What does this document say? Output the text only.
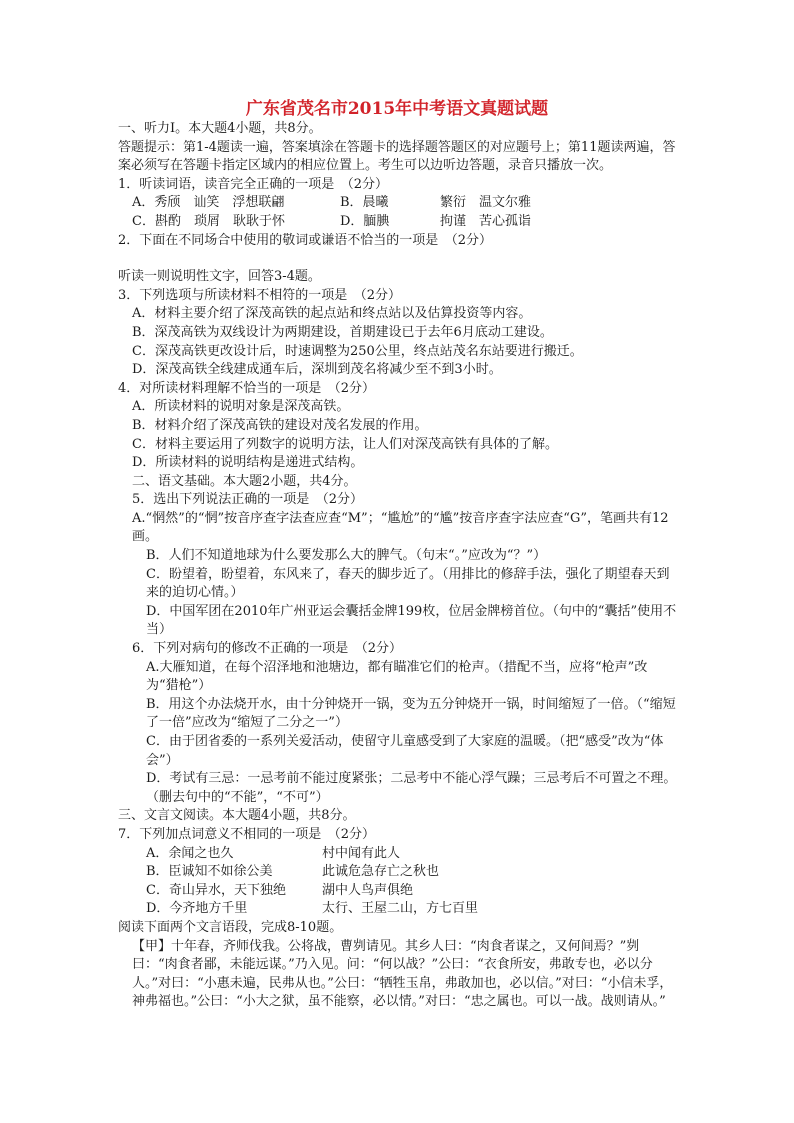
广东省茂名市2015年中考语文真题试题

一、听力Ⅰ。本大题4小题，共8分。

答题提示：第1-4题读一遍，答案填涂在答题卡的选择题答题区的对应题号上；第11题读两遍，答案必须写在答题卡指定区域内的相应位置上。考生可以边听边答题，录音只播放一次。

1．听读词语，读音完全正确的一项是　（2分）

A．秀颀　讪笑　 浮想联翩	B．晨曦	繁衍　温文尔雅
C．斟酌　琐屑　 耿耿于怀	D．腼腆	拘谨　苦心孤诣

2．下面在不同场合中使用的敬词或谦语不恰当的一项是　（2分）

听读一则说明性文字，回答3-4题。

3．下列选项与所读材料不相符的一项是　（2分）

A．材料主要介绍了深茂高铁的起点站和终点站以及估算投资等内容。

B．深茂高铁为双线设计为两期建设，首期建设已于去年6月底动工建设。

C．深茂高铁更改设计后，时速调整为250公里，终点站茂名东站要进行搬迁。

D．深茂高铁全线建成通车后，深圳到茂名将减少至不到3小时。

4．对所读材料理解不恰当的一项是　（2分）

A．所读材料的说明对象是深茂高铁。

B．材料介绍了深茂高铁的建设对茂名发展的作用。

C．材料主要运用了列数字的说明方法，让人们对深茂高铁有具体的了解。

D．所读材料的说明结构是递进式结构。

二、语文基础。本大题2小题，共4分。

5．选出下列说法正确的一项是　（2分）

A.“惘然”的“惘”按音序查字法查应查“M”；“尴尬”的“尴”按音序查字法应查“G”，笔画共有12画。

B．人们不知道地球为什么要发那么大的脾气。（句末“。”应改为“？”）

C．盼望着，盼望着，东风来了，春天的脚步近了。（用排比的修辞手法，强化了期望春天到来的迫切心情。）

D．中国军团在2010年广州亚运会囊括金牌199枚，位居金牌榜首位。（句中的“囊括”使用不当）

6．下列对病句的修改不正确的一项是　（2分）

A.大雁知道，在每个沼泽地和池塘边，都有瞄准它们的枪声。（措配不当，应将“枪声”改为“猎枪”）

B．用这个办法烧开水，由十分钟烧开一锅，变为五分钟烧开一锅，时间缩短了一倍。（“缩短了一倍”应改为“缩短了二分之一”）

C．由于团省委的一系列关爱活动，使留守儿童感受到了大家庭的温暖。（把“感受”改为“体会”）

D．考试有三忌：一忌考前不能过度紧张；二忌考中不能心浮气躁；三忌考后不可置之不理。（删去句中的“不能”，“不可”）

三、文言文阅读。本大题4小题，共8分。

7．下列加点词意义不相同的一项是　（2分）

A．余闻之也久	村中闻有此人
B．臣诚知不如徐公美	此诚危急存亡之秋也
C．奇山异水，天下独绝	湖中人鸟声俱绝
D．今齐地方千里	太行、王屋二山，方七百里

阅读下面两个文言语段，完成8-10题。

【甲】十年春，齐师伐我。公将战，曹刿请见。其乡人曰：“肉食者谋之，又何间焉？”刿曰：“肉食者鄙，未能远谋。”乃入见。问：“何以战？”公曰：“衣食所安，弗敢专也，必以分人。”对曰：“小惠未遍，民弗从也。”公曰：“牺牲玉帛，弗敢加也，必以信。”对曰：“小信未孚，神弗福也。”公曰：“小大之狱，虽不能察，必以情。”对曰：“忠之属也。可以一战。战则请从。”
